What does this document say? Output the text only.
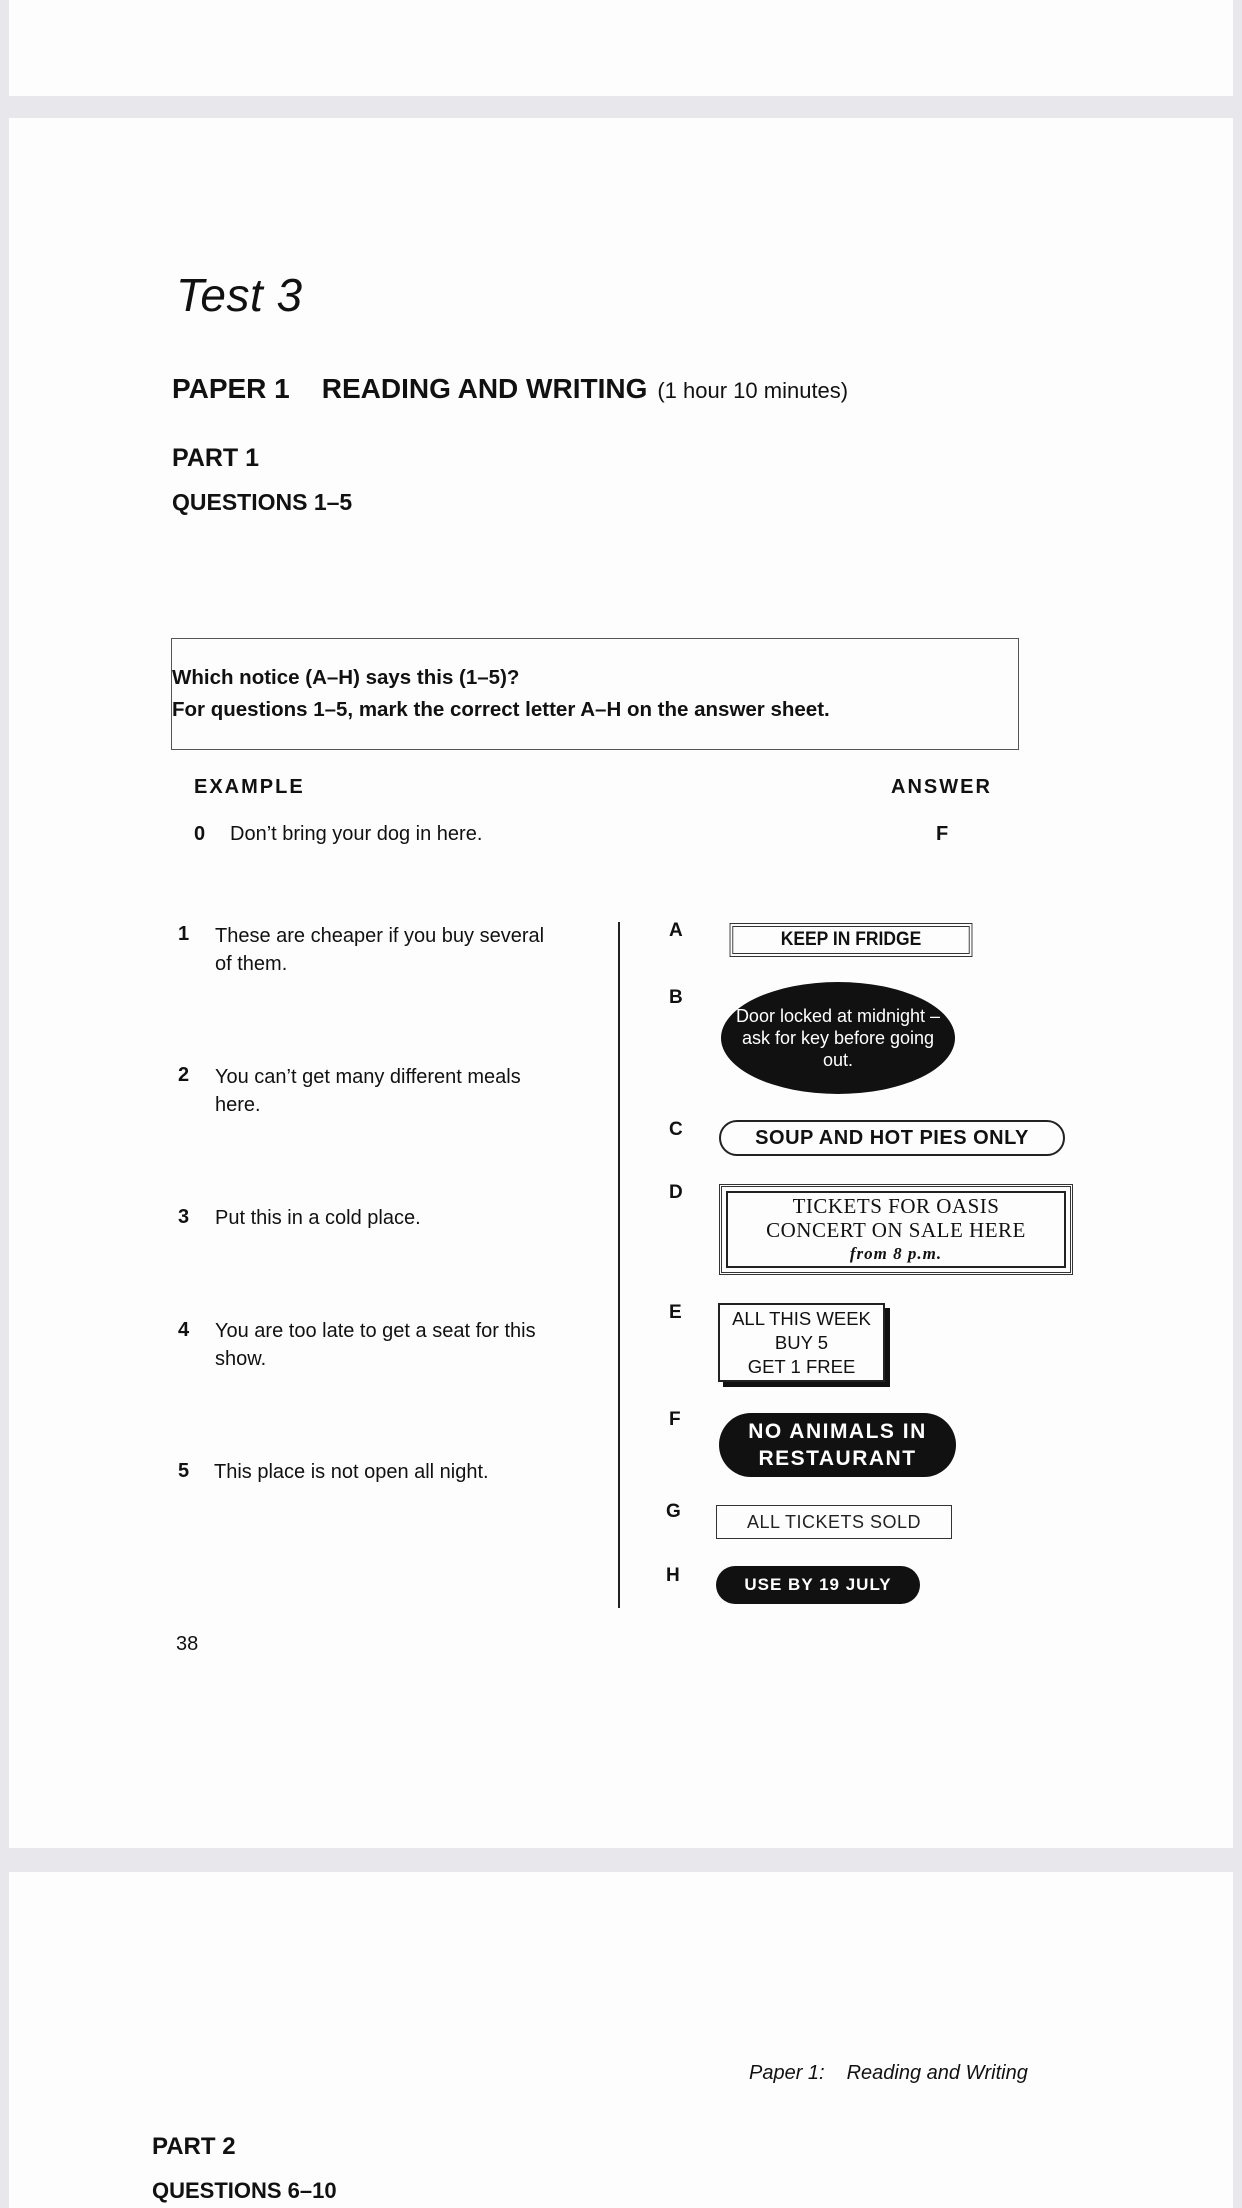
Test 3
PAPER 1 READING AND WRITING (1 hour 10 minutes)
PART 1
QUESTIONS 1–5
Which notice (A–H) says this (1–5)?
For questions 1–5, mark the correct letter A–H on the answer sheet.
EXAMPLE	ANSWER
0 Don’t bring your dog in here.	F
1 These are cheaper if you buy several of them.
2 You can’t get many different meals here.
3 Put this in a cold place.
4 You are too late to get a seat for this show.
5 This place is not open all night.
A	KEEP IN FRIDGE
B
Door locked at midnight – ask for key before going out.
C	SOUP AND HOT PIES ONLY
D
TICKETS FOR OASIS
CONCERT ON SALE HERE
from 8 p.m.
E	ALL THIS WEEK
BUY 5
GET 1 FREE
F
NO ANIMALS IN
RESTAURANT
G	ALL TICKETS SOLD
H	USE BY 19 JULY
38
Paper 1: Reading and Writing
PART 2
QUESTIONS 6–10
